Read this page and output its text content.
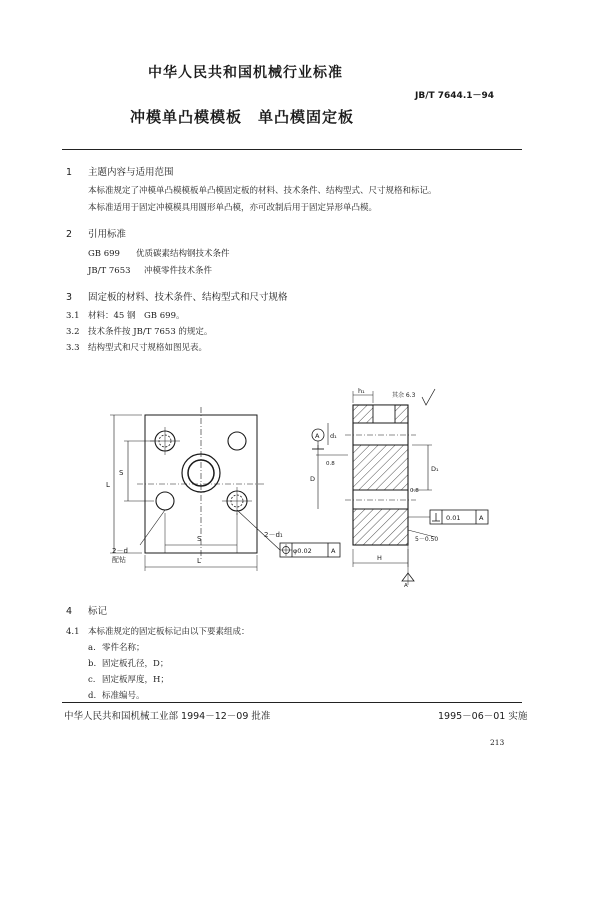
中华人民共和国机械行业标准
JB/T 7644.1－94
冲模单凸模模板　单凸模固定板
1 主题内容与适用范围
本标准规定了冲模单凸模模板单凸模固定板的材料、技术条件、结构型式、尺寸规格和标记。
本标准适用于固定冲模模具用圆形单凸模，亦可改制后用于固定异形单凸模。
2 引用标准
GB 699 优质碳素结构钢技术条件
JB/T 7653 冲模零件技术条件
3 固定板的材料、技术条件、结构型式和尺寸规格
3.1 材料：45 钢　GB 699。
3.2 技术条件按 JB/T 7653 的规定。
3.3 结构型式和尺寸规格如图见表。
L
S
S
L
2－d₁
2－d
配钻
φ0.02	A
A
h₁
d₁
D
D₁
H
0.01	A
5－0.50
其余 6.3
0.8
0.8
A
4 标记
4.1 本标准规定的固定板标记由以下要素组成：
a. 零件名称；
b. 固定板孔径，D；
c. 固定板厚度，H；
d. 标准编号。
中华人民共和国机械工业部 1994－12－09 批准	1995－06－01 实施
213
